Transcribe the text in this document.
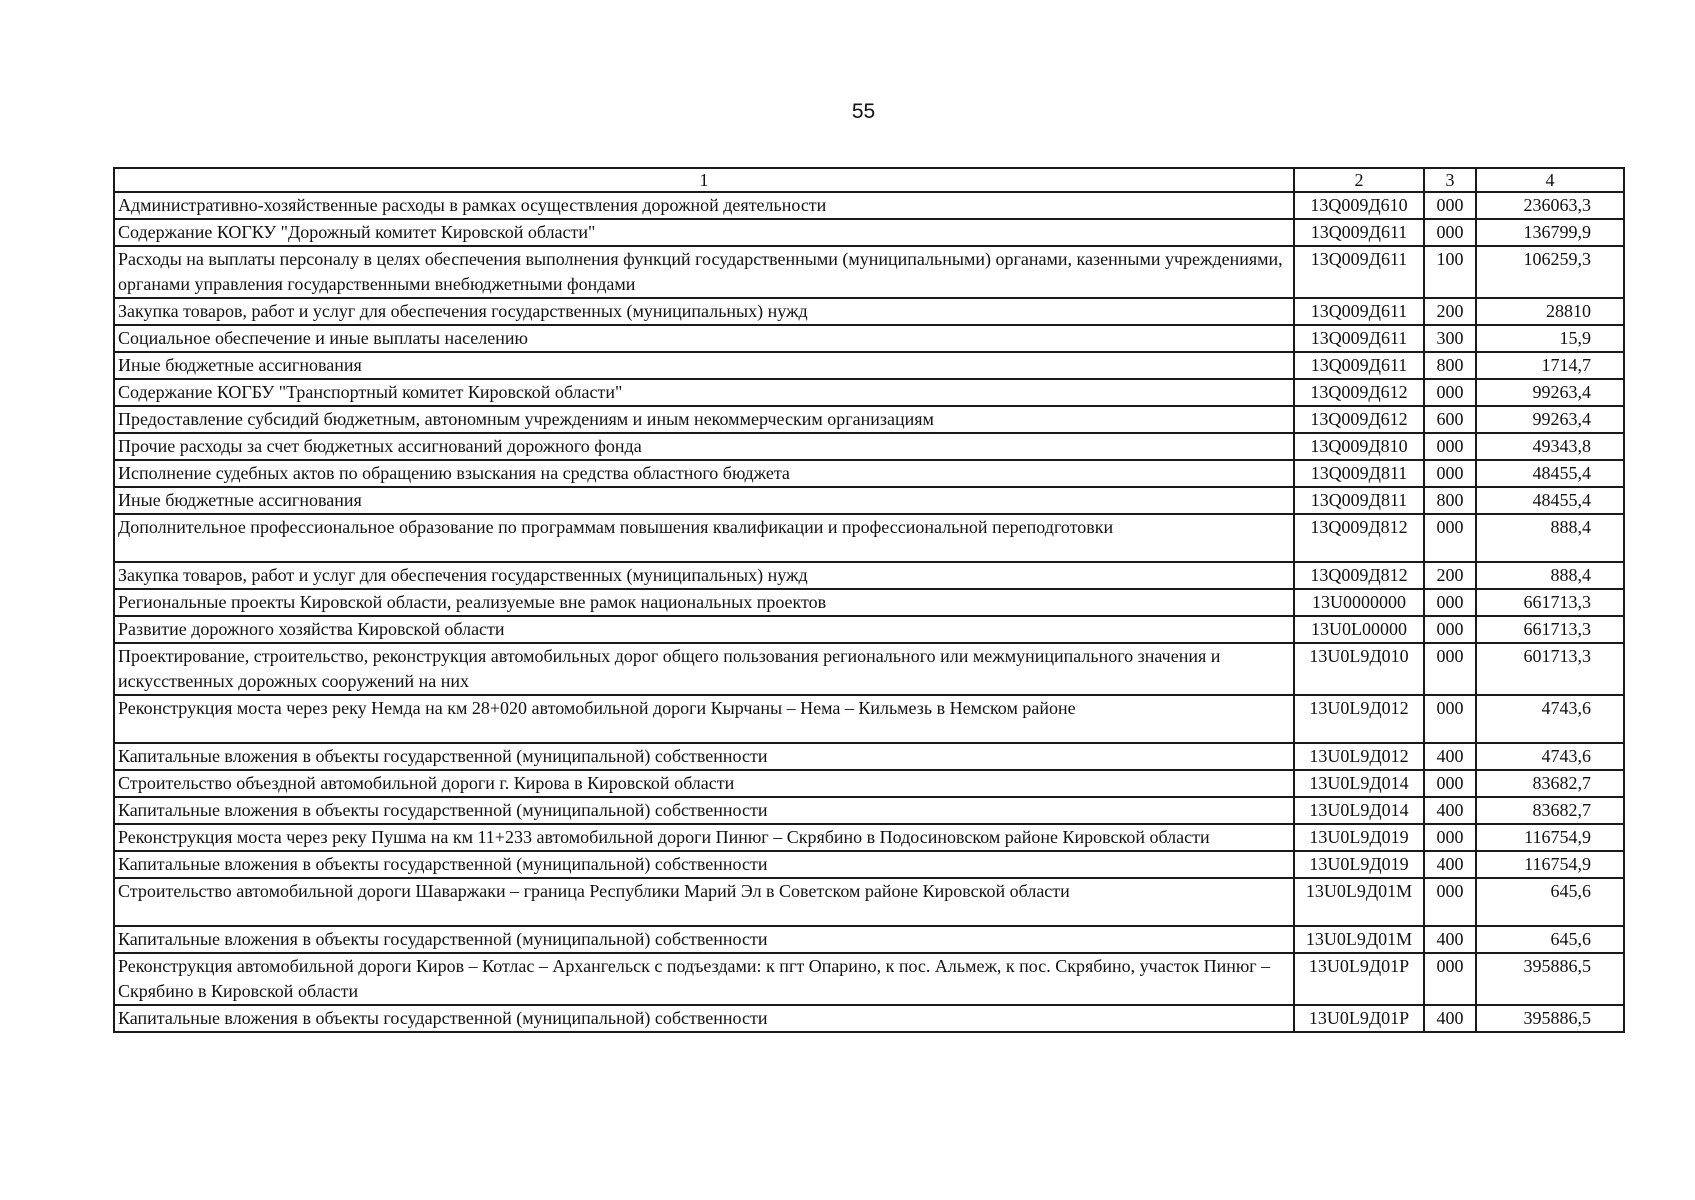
55
1	2	3	4
Административно-хозяйственные расходы в рамках осуществления дорожной деятельности	13Q009Д610	000	236063,3
Содержание КОГКУ "Дорожный комитет Кировской области"	13Q009Д611	000	136799,9
Расходы на выплаты персоналу в целях обеспечения выполнения функций государственными (муниципальными) органами, казенными учреждениями, органами управления государственными внебюджетными фондами	13Q009Д611	100	106259,3
Закупка товаров, работ и услуг для обеспечения государственных (муниципальных) нужд	13Q009Д611	200	28810
Социальное обеспечение и иные выплаты населению	13Q009Д611	300	15,9
Иные бюджетные ассигнования	13Q009Д611	800	1714,7
Содержание КОГБУ "Транспортный комитет Кировской области"	13Q009Д612	000	99263,4
Предоставление субсидий бюджетным, автономным учреждениям и иным некоммерческим организациям	13Q009Д612	600	99263,4
Прочие расходы за счет бюджетных ассигнований дорожного фонда	13Q009Д810	000	49343,8
Исполнение судебных актов по обращению взыскания на средства областного бюджета	13Q009Д811	000	48455,4
Иные бюджетные ассигнования	13Q009Д811	800	48455,4
Дополнительное профессиональное образование по программам повышения квалификации и профессиональной переподготовки	13Q009Д812	000	888,4
Закупка товаров, работ и услуг для обеспечения государственных (муниципальных) нужд	13Q009Д812	200	888,4
Региональные проекты Кировской области, реализуемые вне рамок национальных проектов	13U0000000	000	661713,3
Развитие дорожного хозяйства Кировской области	13U0L00000	000	661713,3
Проектирование, строительство, реконструкция автомобильных дорог общего пользования регионального или межмуниципального значения и искусственных дорожных сооружений на них	13U0L9Д010	000	601713,3
Реконструкция моста через реку Немда на км 28+020 автомобильной дороги Кырчаны – Нема – Кильмезь в Немском районе	13U0L9Д012	000	4743,6
Капитальные вложения в объекты государственной (муниципальной) собственности	13U0L9Д012	400	4743,6
Строительство объездной автомобильной дороги г. Кирова в Кировской области	13U0L9Д014	000	83682,7
Капитальные вложения в объекты государственной (муниципальной) собственности	13U0L9Д014	400	83682,7
Реконструкция моста через реку Пушма на км 11+233 автомобильной дороги Пинюг – Скрябино в Подосиновском районе Кировской области	13U0L9Д019	000	116754,9
Капитальные вложения в объекты государственной (муниципальной) собственности	13U0L9Д019	400	116754,9
Строительство автомобильной дороги Шаваржаки – граница Республики Марий Эл в Советском районе Кировской области	13U0L9Д01М	000	645,6
Капитальные вложения в объекты государственной (муниципальной) собственности	13U0L9Д01М	400	645,6
Реконструкция автомобильной дороги Киров – Котлас – Архангельск с подъездами: к пгт Опарино, к пос. Альмеж, к пос. Скрябино, участок Пинюг – Скрябино в Кировской области	13U0L9Д01Р	000	395886,5
Капитальные вложения в объекты государственной (муниципальной) собственности	13U0L9Д01Р	400	395886,5
